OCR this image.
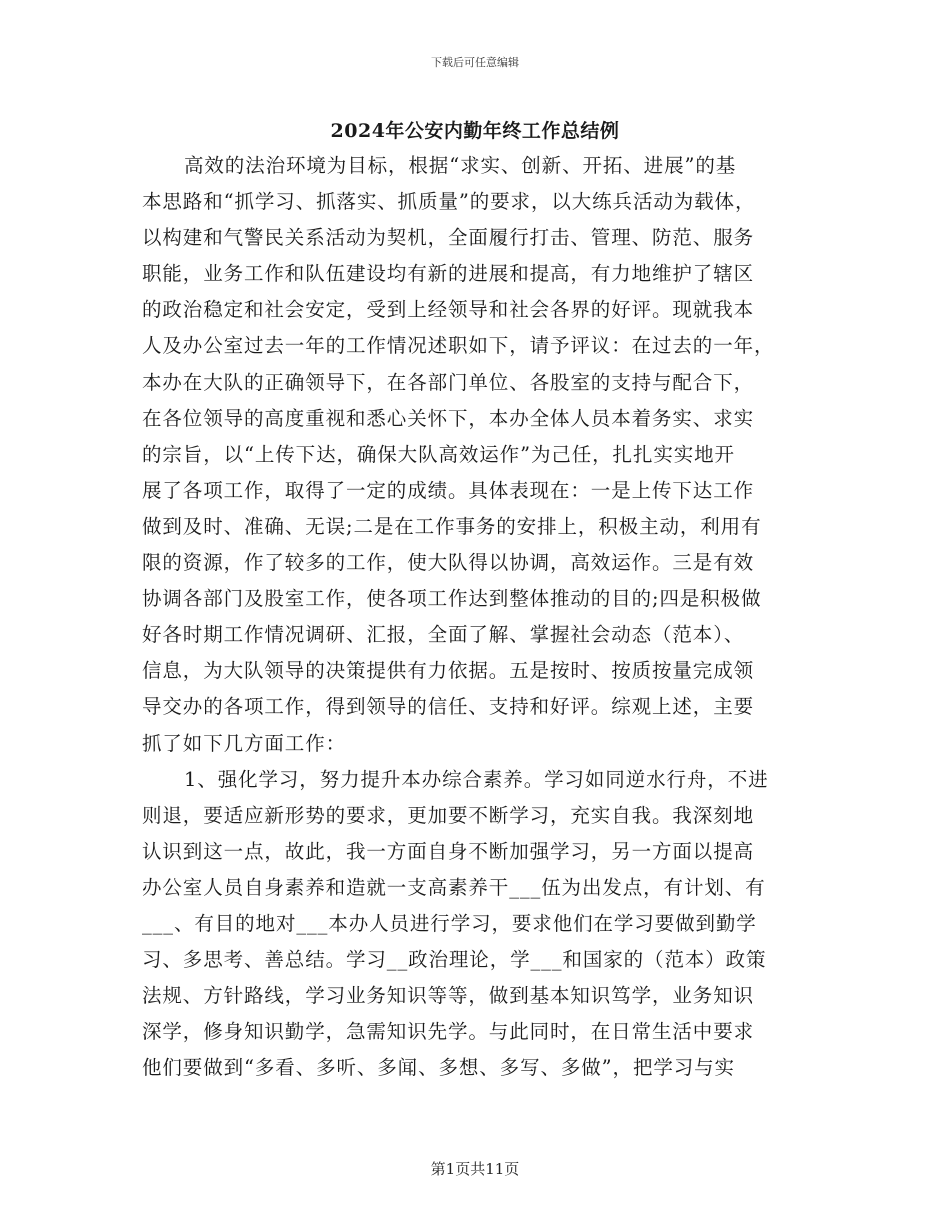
下载后可任意编辑
2024年公安内勤年终工作总结例
高效的法治环境为目标，根据“求实、创新、开拓、进展”的基
本思路和“抓学习、抓落实、抓质量”的要求，以大练兵活动为载体，
以构建和气警民关系活动为契机，全面履行打击、管理、防范、服务
职能，业务工作和队伍建设均有新的进展和提高，有力地维护了辖区
的政治稳定和社会安定，受到上经领导和社会各界的好评。现就我本
人及办公室过去一年的工作情况述职如下，请予评议：在过去的一年，
本办在大队的正确领导下，在各部门单位、各股室的支持与配合下，
在各位领导的高度重视和悉心关怀下，本办全体人员本着务实、求实
的宗旨，以“上传下达，确保大队高效运作”为己任，扎扎实实地开
展了各项工作，取得了一定的成绩。具体表现在：一是上传下达工作
做到及时、准确、无误;二是在工作事务的安排上，积极主动，利用有
限的资源，作了较多的工作，使大队得以协调，高效运作。三是有效
协调各部门及股室工作，使各项工作达到整体推动的目的;四是积极做
好各时期工作情况调研、汇报，全面了解、掌握社会动态（范本）、
信息，为大队领导的决策提供有力依据。五是按时、按质按量完成领
导交办的各项工作，得到领导的信任、支持和好评。综观上述，主要
抓了如下几方面工作：
1、强化学习，努力提升本办综合素养。学习如同逆水行舟，不进
则退，要适应新形势的要求，更加要不断学习，充实自我。我深刻地
认识到这一点，故此，我一方面自身不断加强学习，另一方面以提高
办公室人员自身素养和造就一支高素养干___伍为出发点，有计划、有
___、有目的地对___本办人员进行学习，要求他们在学习要做到勤学
习、多思考、善总结。学习__政治理论，学___和国家的（范本）政策
法规、方针路线，学习业务知识等等，做到基本知识笃学，业务知识
深学，修身知识勤学，急需知识先学。与此同时，在日常生活中要求
他们要做到“多看、多听、多闻、多想、多写、多做”，把学习与实
第1页共11页
